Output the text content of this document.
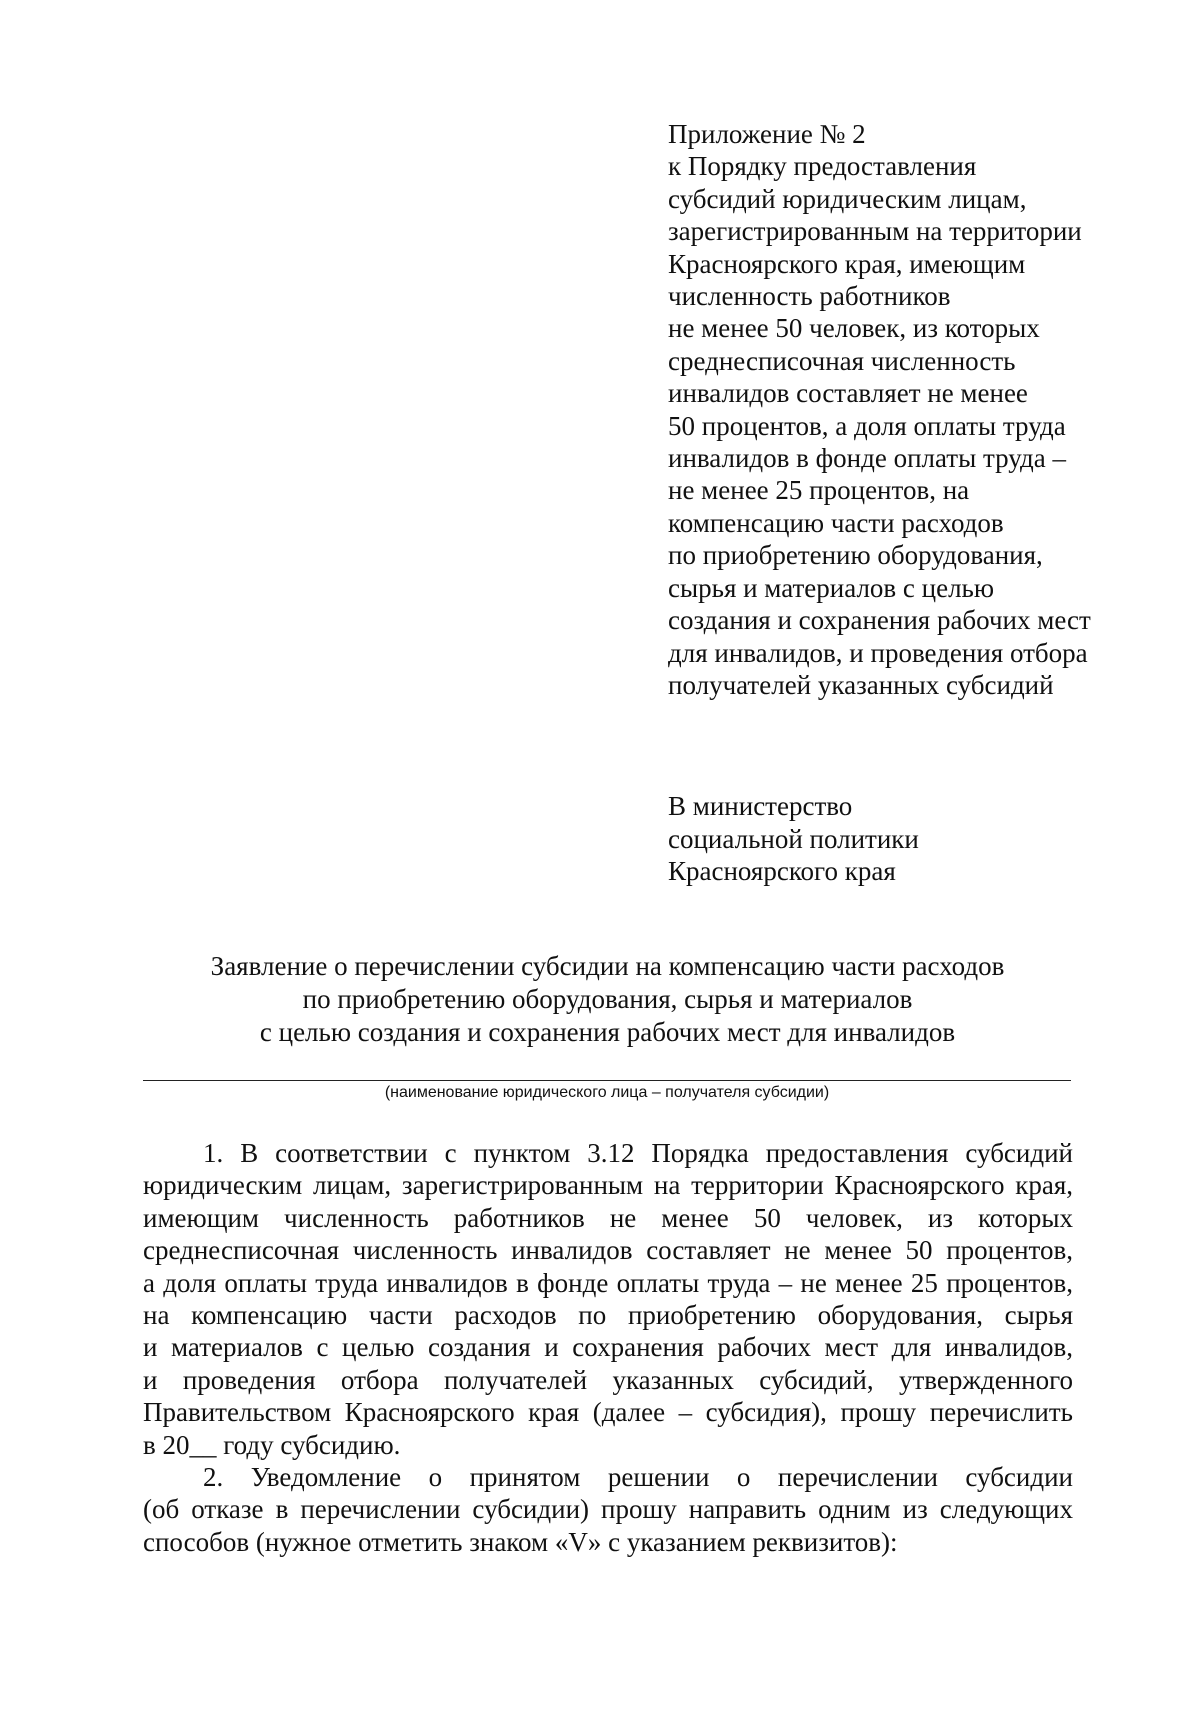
Приложение № 2
к Порядку предоставления
субсидий юридическим лицам,
зарегистрированным на территории
Красноярского края, имеющим
численность работников
не менее 50 человек, из которых
среднесписочная численность
инвалидов составляет не менее
50 процентов, а доля оплаты труда
инвалидов в фонде оплаты труда –
не менее 25 процентов, на
компенсацию части расходов
по приобретению оборудования,
сырья и материалов с целью
создания и сохранения рабочих мест
для инвалидов, и проведения отбора
получателей указанных субсидий
В министерство
социальной политики
Красноярского края
Заявление о перечислении субсидии на компенсацию части расходов
по приобретению оборудования, сырья и материалов
с целью создания и сохранения рабочих мест для инвалидов
(наименование юридического лица – получателя субсидии)
1. В соответствии с пунктом 3.12 Порядка предоставления субсидий
юридическим лицам, зарегистрированным на территории Красноярского края,
имеющим численность работников не менее 50 человек, из которых
среднесписочная численность инвалидов составляет не менее 50 процентов,
а доля оплаты труда инвалидов в фонде оплаты труда – не менее 25 процентов,
на компенсацию части расходов по приобретению оборудования, сырья
и материалов с целью создания и сохранения рабочих мест для инвалидов,
и проведения отбора получателей указанных субсидий, утвержденного
Правительством Красноярского края (далее – субсидия), прошу перечислить
в 20__ году субсидию.
2. Уведомление о принятом решении о перечислении субсидии
(об отказе в перечислении субсидии) прошу направить одним из следующих
способов (нужное отметить знаком «V» с указанием реквизитов):
